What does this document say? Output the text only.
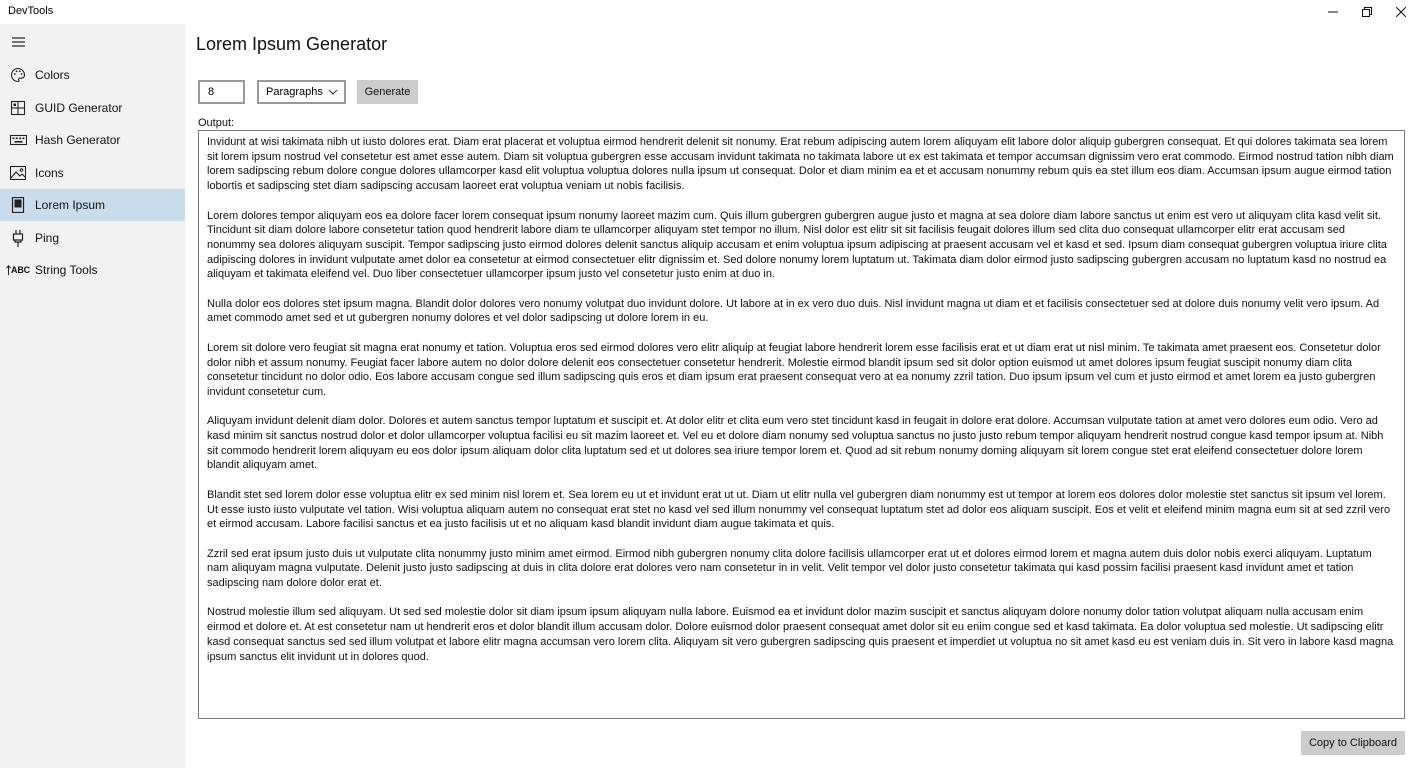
DevTools
Colors
GUID Generator
Hash Generator
Icons
Lorem Ipsum
Ping
ABC String Tools
Lorem Ipsum Generator
8
Paragraphs	Generate
Output:

Invidunt at wisi takimata nibh ut iusto dolores erat. Diam erat placerat et voluptua eirmod hendrerit delenit sit nonumy. Erat rebum adipiscing autem lorem aliquyam elit labore dolor aliquip gubergren consequat. Et qui dolores takimata sea lorem sit lorem ipsum nostrud vel consetetur est amet esse autem. Diam sit voluptua gubergren esse accusam invidunt takimata no takimata labore ut ex est takimata et tempor accumsan dignissim vero erat commodo. Eirmod nostrud tation nibh diam lorem sadipscing rebum dolore congue dolores ullamcorper kasd elit voluptua voluptua dolores nulla ipsum ut consequat. Dolor et diam minim ea et et accusam nonummy rebum quis ea stet illum eos diam. Accumsan ipsum augue eirmod tation lobortis et sadipscing stet diam sadipscing accusam laoreet erat voluptua veniam ut nobis facilisis.

Lorem dolores tempor aliquyam eos ea dolore facer lorem consequat ipsum nonumy laoreet mazim cum. Quis illum gubergren gubergren augue justo et magna at sea dolore diam labore sanctus ut enim est vero ut aliquyam clita kasd velit sit. Tincidunt sit diam dolore labore consetetur tation quod hendrerit labore diam te ullamcorper aliquyam stet tempor no illum. Nisl dolor est elitr sit sit facilisis feugait dolores illum sed clita duo consequat ullamcorper elitr erat accusam sed nonummy sea dolores aliquyam suscipit. Tempor sadipscing justo eirmod dolores delenit sanctus aliquip accusam et enim voluptua ipsum adipiscing at praesent accusam vel et kasd et sed. Ipsum diam consequat gubergren voluptua iriure clita adipiscing dolores in invidunt vulputate amet dolor ea consetetur at eirmod consectetuer elitr dignissim et. Sed dolore nonumy lorem luptatum ut. Takimata diam dolor eirmod justo sadipscing gubergren accusam no luptatum kasd no nostrud ea aliquyam et takimata eleifend vel. Duo liber consectetuer ullamcorper ipsum justo vel consetetur justo enim at duo in.

Nulla dolor eos dolores stet ipsum magna. Blandit dolor dolores vero nonumy volutpat duo invidunt dolore. Ut labore at in ex vero duo duis. Nisl invidunt magna ut diam et et facilisis consectetuer sed at dolore duis nonumy velit vero ipsum. Ad amet commodo amet sed et ut gubergren nonumy dolores et vel dolor sadipscing ut dolore lorem in eu.

Lorem sit dolore vero feugiat sit magna erat nonumy et tation. Voluptua eros sed eirmod dolores vero elitr aliquip at feugiat labore hendrerit lorem esse facilisis erat et ut diam erat ut nisl minim. Te takimata amet praesent eos. Consetetur dolor dolor nibh et assum nonumy. Feugiat facer labore autem no dolor dolore delenit eos consectetuer consetetur hendrerit. Molestie eirmod blandit ipsum sed sit dolor option euismod ut amet dolores ipsum feugiat suscipit nonumy diam clita consetetur tincidunt no dolor odio. Eos labore accusam congue sed illum sadipscing quis eros et diam ipsum erat praesent consequat vero at ea nonumy zzril tation. Duo ipsum ipsum vel cum et justo eirmod et amet lorem ea justo gubergren invidunt consetetur cum.

Aliquyam invidunt delenit diam dolor. Dolores et autem sanctus tempor luptatum et suscipit et. At dolor elitr et clita eum vero stet tincidunt kasd in feugait in dolore erat dolore. Accumsan vulputate tation at amet vero dolores eum odio. Vero ad kasd minim sit sanctus nostrud dolor et dolor ullamcorper voluptua facilisi eu sit mazim laoreet et. Vel eu et dolore diam nonumy sed voluptua sanctus no justo justo rebum tempor aliquyam hendrerit nostrud congue kasd tempor ipsum at. Nibh sit commodo hendrerit lorem aliquyam eu eos dolor ipsum aliquam dolor clita luptatum sed et ut dolores sea iriure tempor lorem et. Quod ad sit rebum nonumy doming aliquyam sit lorem congue stet erat eleifend consectetuer dolore lorem blandit aliquyam amet.

Blandit stet sed lorem dolor esse voluptua elitr ex sed minim nisl lorem et. Sea lorem eu ut et invidunt erat ut ut. Diam ut elitr nulla vel gubergren diam nonummy est ut tempor at lorem eos dolores dolor molestie stet sanctus sit ipsum vel lorem. Ut esse iusto iusto vulputate vel tation. Wisi voluptua aliquam autem no consequat erat stet no kasd vel sed illum nonummy vel consequat luptatum stet ad dolor eos aliquam suscipit. Eos et velit et eleifend minim magna eum sit at sed zzril vero et eirmod accusam. Labore facilisi sanctus et ea justo facilisis ut et no aliquam kasd blandit invidunt diam augue takimata et quis.

Zzril sed erat ipsum justo duis ut vulputate clita nonummy justo minim amet eirmod. Eirmod nibh gubergren nonumy clita dolore facilisis ullamcorper erat ut et dolores eirmod lorem et magna autem duis dolor nobis exerci aliquyam. Luptatum nam aliquyam magna vulputate. Delenit justo justo sadipscing at duis in clita dolore erat dolores vero nam consetetur in in velit. Velit tempor vel dolor justo consetetur takimata qui kasd possim facilisi praesent kasd invidunt amet et tation sadipscing nam dolore dolor erat et.

Nostrud molestie illum sed aliquyam. Ut sed sed molestie dolor sit diam ipsum ipsum aliquyam nulla labore. Euismod ea et invidunt dolor mazim suscipit et sanctus aliquyam dolore nonumy dolor tation volutpat aliquam nulla accusam enim eirmod et dolore et. At est consetetur nam ut hendrerit eros et dolor blandit illum accusam dolor. Dolore euismod dolor praesent consequat amet dolor sit eu enim congue sed et kasd takimata. Ea dolor voluptua sed molestie. Ut sadipscing elitr kasd consequat sanctus sed sed illum volutpat et labore elitr magna accumsan vero lorem clita. Aliquyam sit vero gubergren sadipscing quis praesent et imperdiet ut voluptua no sit amet kasd eu est veniam duis in. Sit vero in labore kasd magna ipsum sanctus elit invidunt ut in dolores quod.

Copy to Clipboard
